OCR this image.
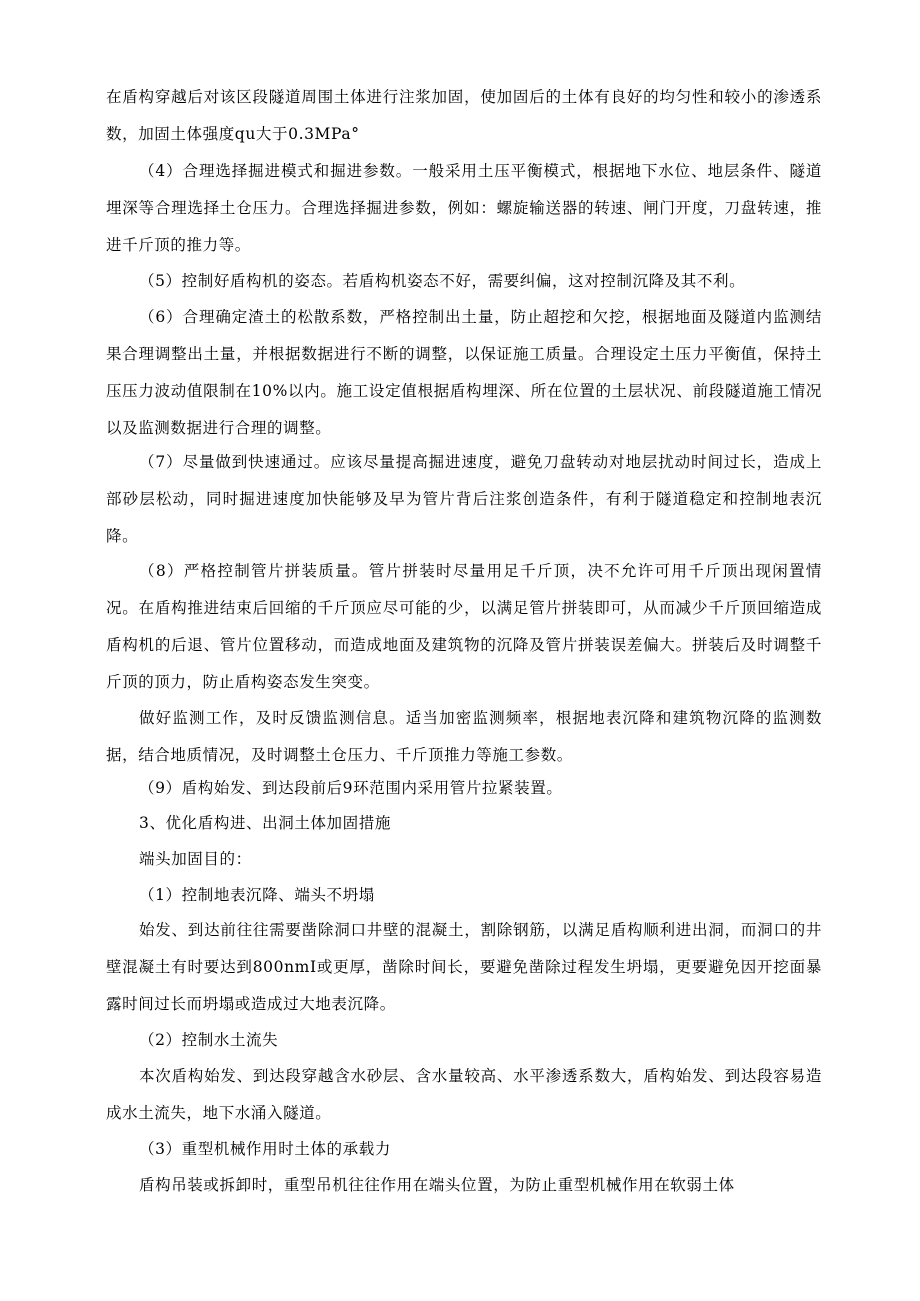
在盾构穿越后对该区段隧道周围土体进行注浆加固，使加固后的土体有良好的均匀性和较小的渗透系数，加固土体强度qu大于0.3MPa°

（4）合理选择掘进模式和掘进参数。一般采用土压平衡模式，根据地下水位、地层条件、隧道埋深等合理选择土仓压力。合理选择掘进参数，例如：螺旋输送器的转速、闸门开度，刀盘转速，推进千斤顶的推力等。

（5）控制好盾构机的姿态。若盾构机姿态不好，需要纠偏，这对控制沉降及其不利。

（6）合理确定渣土的松散系数，严格控制出土量，防止超挖和欠挖，根据地面及隧道内监测结果合理调整出土量，并根据数据进行不断的调整，以保证施工质量。合理设定土压力平衡值，保持土压压力波动值限制在10%以内。施工设定值根据盾构埋深、所在位置的土层状况、前段隧道施工情况以及监测数据进行合理的调整。

（7）尽量做到快速通过。应该尽量提高掘进速度，避免刀盘转动对地层扰动时间过长，造成上部砂层松动，同时掘进速度加快能够及早为管片背后注浆创造条件，有利于隧道稳定和控制地表沉降。

（8）严格控制管片拼装质量。管片拼装时尽量用足千斤顶，决不允许可用千斤顶出现闲置情况。在盾构推进结束后回缩的千斤顶应尽可能的少，以满足管片拼装即可，从而减少千斤顶回缩造成盾构机的后退、管片位置移动，而造成地面及建筑物的沉降及管片拼装误差偏大。拼装后及时调整千斤顶的顶力，防止盾构姿态发生突变。

做好监测工作，及时反馈监测信息。适当加密监测频率，根据地表沉降和建筑物沉降的监测数据，结合地质情况，及时调整土仓压力、千斤顶推力等施工参数。

（9）盾构始发、到达段前后9环范围内采用管片拉紧装置。

3、优化盾构进、出洞土体加固措施

端头加固目的：

（1）控制地表沉降、端头不坍塌

始发、到达前往往需要凿除洞口井壁的混凝土，割除钢筋，以满足盾构顺利进出洞，而洞口的井壁混凝土有时要达到800nmI或更厚，凿除时间长，要避免凿除过程发生坍塌，更要避免因开挖面暴露时间过长而坍塌或造成过大地表沉降。

（2）控制水土流失

本次盾构始发、到达段穿越含水砂层、含水量较高、水平渗透系数大，盾构始发、到达段容易造成水土流失，地下水涌入隧道。

（3）重型机械作用时土体的承载力

盾构吊装或拆卸时，重型吊机往往作用在端头位置，为防止重型机械作用在软弱土体
